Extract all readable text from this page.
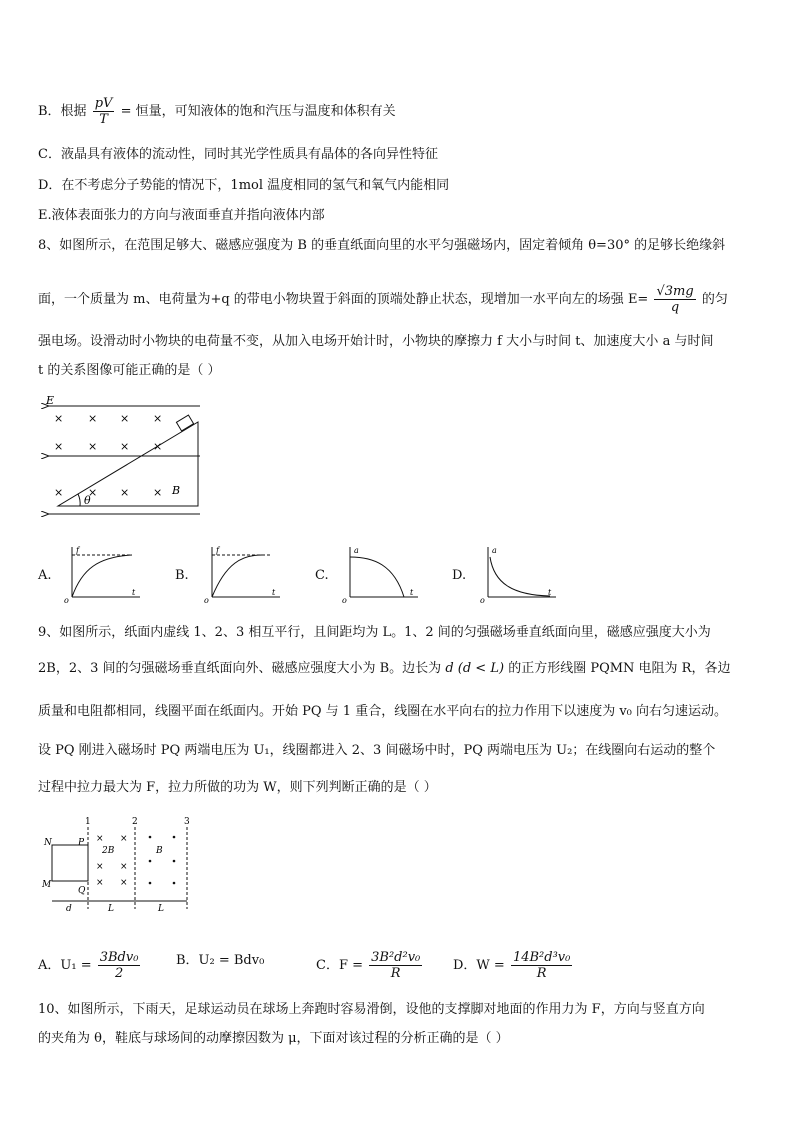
B．根据 $\frac{pV}{T}$ = 恒量，可知液体的饱和汽压与温度和体积有关
C．液晶具有液体的流动性，同时其光学性质具有晶体的各向异性特征
D．在不考虑分子势能的情况下，1mol 温度相同的氢气和氧气内能相同
E.液体表面张力的方向与液面垂直并指向液体内部
8、如图所示，在范围足够大、磁感应强度为 B 的垂直纸面向里的水平匀强磁场内，固定着倾角 θ=30° 的足够长绝缘斜
面，一个质量为 m、电荷量为+q 的带电小物块置于斜面的顶端处静止状态，现增加一水平向左的场强 $E= \frac{√3mg}{q}$ 的匀
强电场。设滑动时小物块的电荷量不变，从加入电场开始计时，小物块的摩擦力 f 大小与时间 t、加速度大小 a 与时间
t 的关系图像可能正确的是（ ）
E
θ
B
× × × ×
× × × ×
× × × ×
A.
f
t
o
B.
f
t
o
C.
a
t
o
D.
a
t
o
9、如图所示，纸面内虚线 1、2、3 相互平行，且间距均为 L。1、2 间的匀强磁场垂直纸面向里，磁感应强度大小为
2B，2、3 间的匀强磁场垂直纸面向外、磁感应强度大小为 B。边长为 d (d < L) 的正方形线圈 PQMN 电阻为 R，各边
质量和电阻都相同，线圈平面在纸面内。开始 PQ 与 1 重合，线圈在水平向右的拉力作用下以速度为 v₀ 向右匀速运动。
设 PQ 刚进入磁场时 PQ 两端电压为 U₁，线圈都进入 2、3 间磁场中时，PQ 两端电压为 U₂；在线圈向右运动的整个
过程中拉力最大为 F，拉力所做的功为 W，则下列判断正确的是（ ）
1	2	3
N	P
M
Q
2B	B
× ×
× ×
× ×
d	L	L
A．$U_1 = \frac{\text{3Bdv₀}}{2}$	B．U₂ = Bdv₀	C．$F = \frac{\text{3B²d²v₀}}{R}$ D．$W = \frac{\text{14B²d³v₀}}{R}$
10、如图所示，下雨天，足球运动员在球场上奔跑时容易滑倒，设他的支撑脚对地面的作用力为 F，方向与竖直方向
的夹角为 θ，鞋底与球场间的动摩擦因数为 μ，下面对该过程的分析正确的是（ ）
